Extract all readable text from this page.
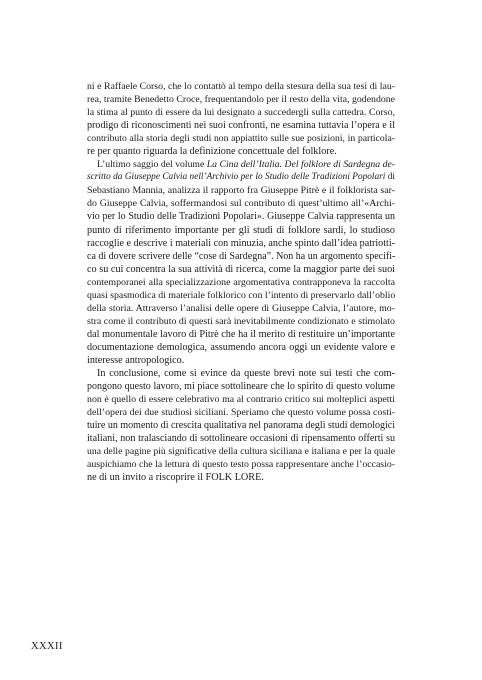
ni e Raffaele Corso, che lo contattò al tempo della stesura della sua tesi di lau-
rea, tramite Benedetto Croce, frequentandolo per il resto della vita, godendone
la stima al punto di essere da lui designato a succedergli sulla cattedra. Corso,
prodigo di riconoscimenti nei suoi confronti, ne esamina tuttavia l’opera e il
contributo alla storia degli studi non appiattito sulle sue posizioni, in particola-
re per quanto riguarda la definizione concettuale del folklore.
L’ultimo saggio del volume La Cina dell’Italia. Del folklore di Sardegna de-
scritto da Giuseppe Calvia nell’Archivio per lo Studio delle Tradizioni Popolari di
Sebastiano Mannia, analizza il rapporto fra Giuseppe Pitrè e il folklorista sar-
do Giuseppe Calvia, soffermandosi sul contributo di quest’ultimo all’«Archi-
vio per lo Studio delle Tradizioni Popolari». Giuseppe Calvia rappresenta un
punto di riferimento importante per gli studi di folklore sardi, lo studioso
raccoglie e descrive i materiali con minuzia, anche spinto dall’idea patriotti-
ca di dovere scrivere delle “cose di Sardegna”. Non ha un argomento specifi-
co su cui concentra la sua attività di ricerca, come la maggior parte dei suoi
contemporanei alla specializzazione argomentativa contrapponeva la raccolta
quasi spasmodica di materiale folklorico con l’intento di preservarlo dall’oblio
della storia. Attraverso l’analisi delle opere di Giuseppe Calvia, l’autore, mo-
stra come il contributo di questi sarà inevitabilmente condizionato e stimolato
dal monumentale lavoro di Pitrè che ha il merito di restituire un’importante
documentazione demologica, assumendo ancora oggi un evidente valore e
interesse antropologico.
In conclusione, come si evince da queste brevi note sui testi che com-
pongono questo lavoro, mi piace sottolineare che lo spirito di questo volume
non è quello di essere celebrativo ma al contrario critico sui molteplici aspetti
dell’opera dei due studiosi siciliani. Speriamo che questo volume possa costi-
tuire un momento di crescita qualitativa nel panorama degli studi demologici
italiani, non tralasciando di sottolineare occasioni di ripensamento offerti su
una delle pagine più significative della cultura siciliana e italiana e per la quale
auspichiamo che la lettura di questo testo possa rappresentare anche l’occasio-
ne di un invito a riscoprire il FOLK LORE.
XXXII
